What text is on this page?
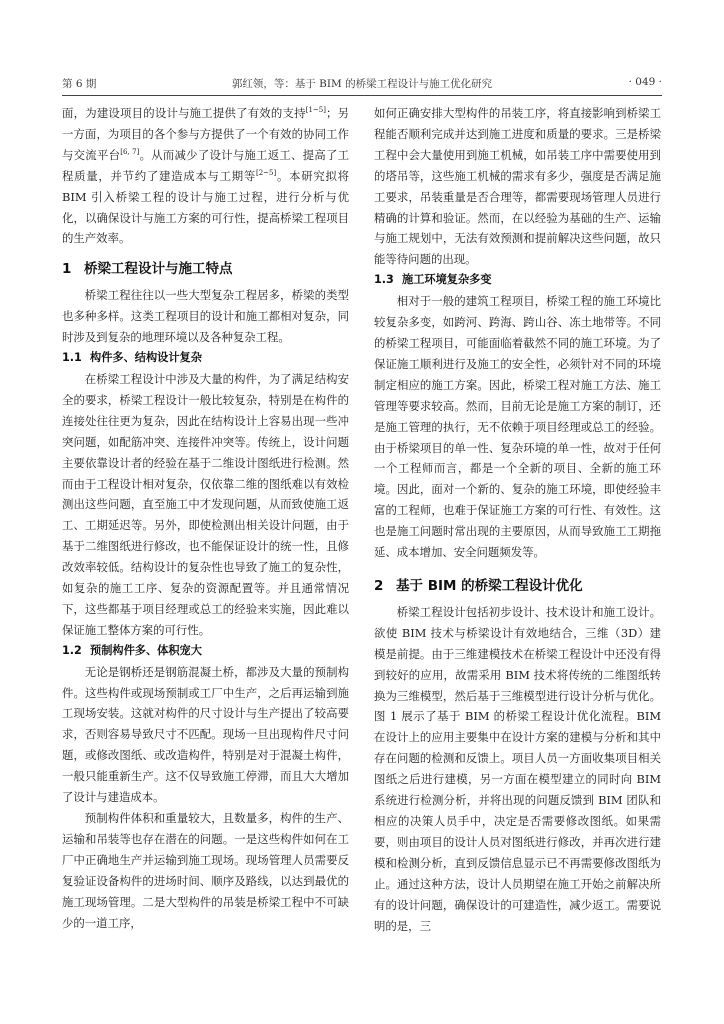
第 6 期	郭红领，等：基于 BIM 的桥梁工程设计与施工优化研究	· 049 ·

面，为建设项目的设计与施工提供了有效的支持[1~5]；另一方面，为项目的各个参与方提供了一个有效的协同工作与交流平台[6, 7]。从而减少了设计与施工返工、提高了工程质量，并节约了建造成本与工期等[2~5]。本研究拟将 BIM 引入桥梁工程的设计与施工过程，进行分析与优化，以确保设计与施工方案的可行性，提高桥梁工程项目的生产效率。

1 桥梁工程设计与施工特点

桥梁工程往往以一些大型复杂工程居多，桥梁的类型也多种多样。这类工程项目的设计和施工都相对复杂，同时涉及到复杂的地理环境以及各种复杂工程。

1.1 构件多、结构设计复杂

在桥梁工程设计中涉及大量的构件，为了满足结构安全的要求，桥梁工程设计一般比较复杂，特别是在构件的连接处往往更为复杂，因此在结构设计上容易出现一些冲突问题，如配筋冲突、连接件冲突等。传统上，设计问题主要依靠设计者的经验在基于二维设计图纸进行检测。然而由于工程设计相对复杂，仅依靠二维的图纸难以有效检测出这些问题，直至施工中才发现问题，从而致使施工返工、工期延迟等。另外，即使检测出相关设计问题，由于基于二维图纸进行修改，也不能保证设计的统一性，且修改效率较低。结构设计的复杂性也导致了施工的复杂性，如复杂的施工工序、复杂的资源配置等。并且通常情况下，这些都基于项目经理或总工的经验来实施，因此难以保证施工整体方案的可行性。

1.2 预制构件多、体积宠大

无论是钢桥还是钢筋混凝土桥，都涉及大量的预制构件。这些构件或现场预制或工厂中生产，之后再运输到施工现场安装。这就对构件的尺寸设计与生产提出了较高要求，否则容易导致尺寸不匹配。现场一旦出现构件尺寸问题，或修改图纸、或改造构件，特别是对于混凝土构件，一般只能重新生产。这不仅导致施工停滞，而且大大增加了设计与建造成本。

预制构件体积和重量较大，且数量多，构件的生产、运输和吊装等也存在潜在的问题。一是这些构件如何在工厂中正确地生产并运输到施工现场。现场管理人员需要反复验证设备构件的进场时间、顺序及路线，以达到最优的施工现场管理。二是大型构件的吊装是桥梁工程中不可缺少的一道工序，

如何正确安排大型构件的吊装工序，将直接影响到桥梁工程能否顺利完成并达到施工进度和质量的要求。三是桥梁工程中会大量使用到施工机械，如吊装工序中需要使用到的塔吊等，这些施工机械的需求有多少，强度是否满足施工要求，吊装重量是否合理等，都需要现场管理人员进行精确的计算和验证。然而，在以经验为基础的生产、运输与施工规划中，无法有效预测和提前解决这些问题，故只能等待问题的出现。

1.3 施工环境复杂多变

相对于一般的建筑工程项目，桥梁工程的施工环境比较复杂多变，如跨河、跨海、跨山谷、冻土地带等。不同的桥梁工程项目，可能面临着截然不同的施工环境。为了保证施工顺利进行及施工的安全性，必须针对不同的环境制定相应的施工方案。因此，桥梁工程对施工方法、施工管理等要求较高。然而，目前无论是施工方案的制订，还是施工管理的执行，无不依赖于项目经理或总工的经验。由于桥梁项目的单一性、复杂环境的单一性，故对于任何一个工程师而言，都是一个全新的项目、全新的施工环境。因此，面对一个新的、复杂的施工环境，即使经验丰富的工程师，也难于保证施工方案的可行性、有效性。这也是施工问题时常出现的主要原因，从而导致施工工期拖延、成本增加、安全问题频发等。

2 基于 BIM 的桥梁工程设计优化

桥梁工程设计包括初步设计、技术设计和施工设计。欲使 BIM 技术与桥梁设计有效地结合，三维（3D）建模是前提。由于三维建模技术在桥梁工程设计中还没有得到较好的应用，故需采用 BIM 技术将传统的二维图纸转换为三维模型，然后基于三维模型进行设计分析与优化。图 1 展示了基于 BIM 的桥梁工程设计优化流程。BIM 在设计上的应用主要集中在设计方案的建模与分析和其中存在问题的检测和反馈上。项目人员一方面收集项目相关图纸之后进行建模，另一方面在模型建立的同时向 BIM 系统进行检测分析，并将出现的问题反馈到 BIM 团队和相应的决策人员手中，决定是否需要修改图纸。如果需要，则由项目的设计人员对图纸进行修改，并再次进行建模和检测分析，直到反馈信息显示已不再需要修改图纸为止。通过这种方法，设计人员期望在施工开始之前解决所有的设计问题，确保设计的可建造性，减少返工。需要说明的是，三
